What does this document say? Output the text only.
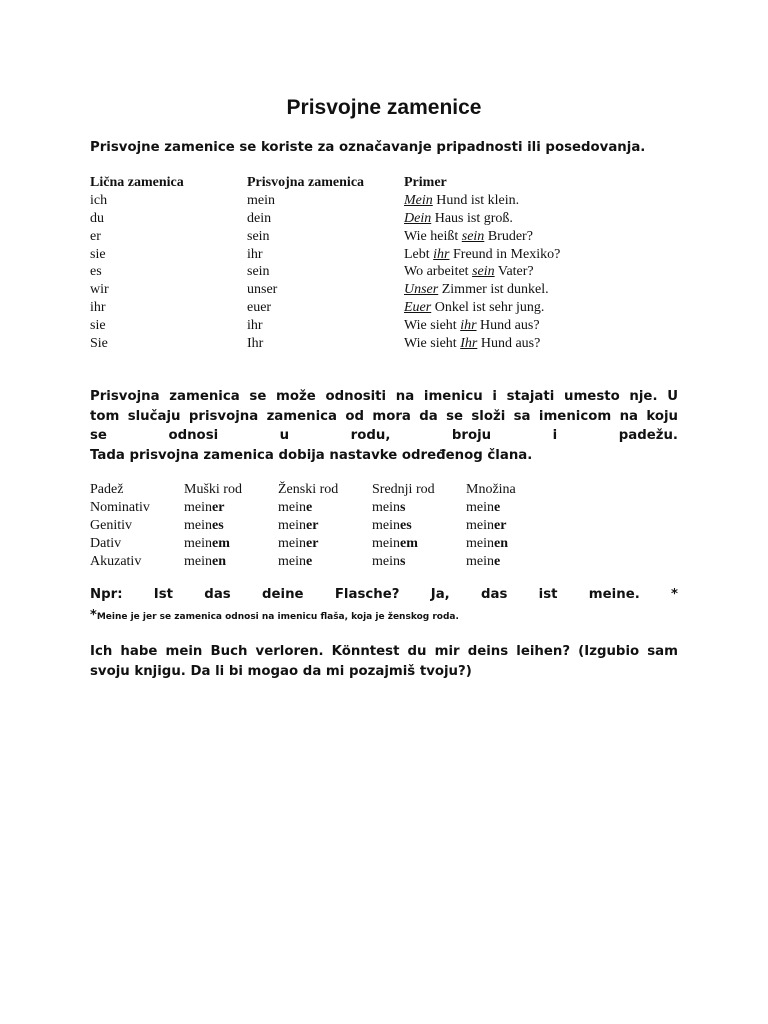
Prisvojne zamenice
Prisvojne zamenice se koriste za označavanje pripadnosti ili posedovanja.
Lična zamenica	Prisvojna zamenica	Primer
ich	mein	Mein Hund ist klein.
du	dein	Dein Haus ist groß.
er	sein	Wie heißt sein Bruder?
sie	ihr	Lebt ihr Freund in Mexiko?
es	sein	Wo arbeitet sein Vater?
wir	unser	Unser Zimmer ist dunkel.
ihr	euer	Euer Onkel ist sehr jung.
sie	ihr	Wie sieht ihr Hund aus?
Sie	Ihr	Wie sieht Ihr Hund aus?
Prisvojna zamenica se može odnositi na imenicu i stajati umesto nje. U
tom slučaju prisvojna zamenica od mora da se složi sa imenicom na koju
se odnosi u rodu, broju i padežu.
Tada prisvojna zamenica dobija nastavke određenog člana.
Padež	Muški rod	Ženski rod	Srednji rod	Množina
Nominativ	meiner	meine	meins	meine
Genitiv	meines	meiner	meines	meiner
Dativ	meinem	meiner	meinem	meinen
Akuzativ	meinen	meine	meins	meine
Npr: Ist das deine Flasche? Ja, das ist meine. *
*Meine je jer se zamenica odnosi na imenicu flaša, koja je ženskog roda.
Ich habe mein Buch verloren. Könntest du mir deins leihen? (Izgubio sam svoju knjigu. Da li bi mogao da mi pozajmiš tvoju?)
